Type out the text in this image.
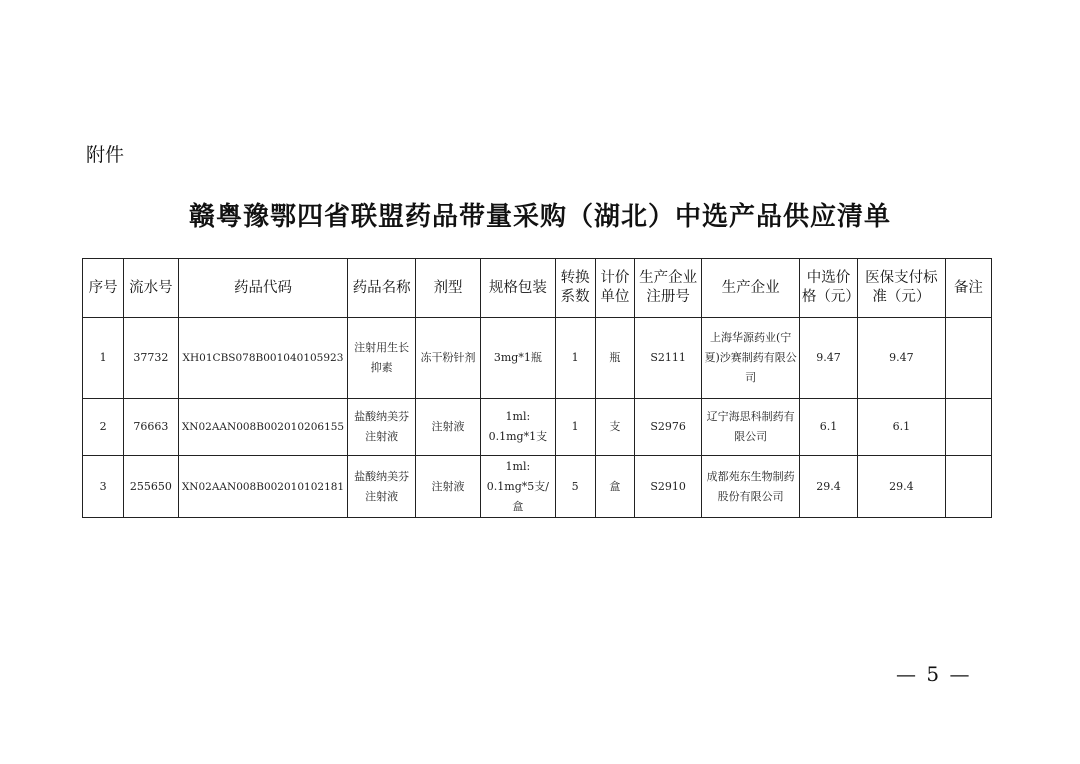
附件
赣粤豫鄂四省联盟药品带量采购（湖北）中选产品供应清单
序号	流水号	药品代码	药品名称	剂型	规格包装	转换系数	计价单位	生产企业注册号	生产企业	中选价格（元）	医保支付标准（元）	备注
1	37732	XH01CBS078B001040105923	注射用生长抑素	冻干粉针剂	3mg*1瓶	1	瓶	S2111	上海华源药业(宁夏)沙赛制药有限公司	9.47	9.47	
2	76663	XN02AAN008B002010206155	盐酸纳美芬注射液	注射液	1ml: 0.1mg*1支	1	支	S2976	辽宁海思科制药有限公司	6.1	6.1	
3	255650	XN02AAN008B002010102181	盐酸纳美芬注射液	注射液	1ml: 0.1mg*5支/盒	5	盒	S2910	成都苑东生物制药股份有限公司	29.4	29.4	
— 5 —
